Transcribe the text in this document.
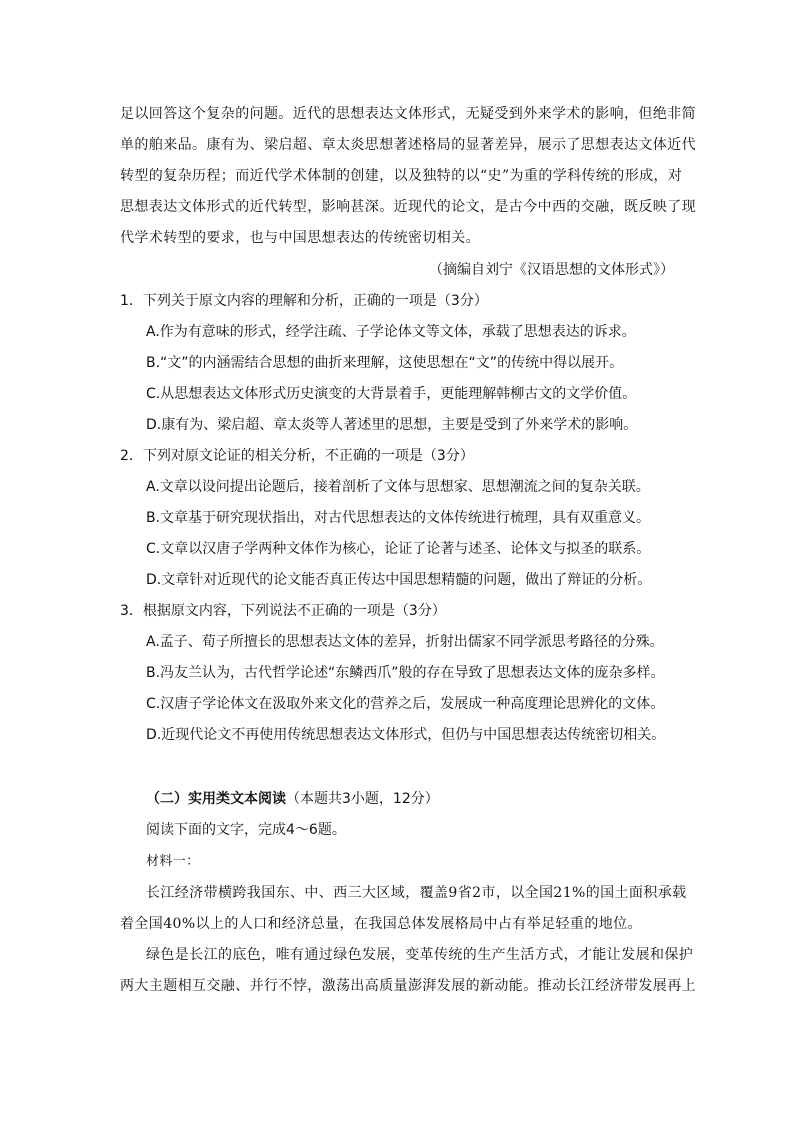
足以回答这个复杂的问题。近代的思想表达文体形式，无疑受到外来学术的影响，但绝非简
单的舶来品。康有为、梁启超、章太炎思想著述格局的显著差异，展示了思想表达文体近代
转型的复杂历程；而近代学术体制的创建，以及独特的以“史”为重的学科传统的形成，对
思想表达文体形式的近代转型，影响甚深。近现代的论文，是古今中西的交融，既反映了现
代学术转型的要求，也与中国思想表达的传统密切相关。
（摘编自刘宁《汉语思想的文体形式》）
1．下列关于原文内容的理解和分析，正确的一项是（3分）
A.作为有意味的形式，经学注疏、子学论体文等文体，承载了思想表达的诉求。
B.“文”的内涵需结合思想的曲折来理解，这使思想在“文”的传统中得以展开。
C.从思想表达文体形式历史演变的大背景着手，更能理解韩柳古文的文学价值。
D.康有为、梁启超、章太炎等人著述里的思想，主要是受到了外来学术的影响。
2．下列对原文论证的相关分析，不正确的一项是（3分）
A.文章以设问提出论题后，接着剖析了文体与思想家、思想潮流之间的复杂关联。
B.文章基于研究现状指出，对古代思想表达的文体传统进行梳理，具有双重意义。
C.文章以汉唐子学两种文体作为核心，论证了论著与述圣、论体文与拟圣的联系。
D.文章针对近现代的论文能否真正传达中国思想精髓的问题，做出了辩证的分析。
3．根据原文内容，下列说法不正确的一项是（3分）
A.孟子、荀子所擅长的思想表达文体的差异，折射出儒家不同学派思考路径的分殊。
B.冯友兰认为，古代哲学论述“东鳞西爪”般的存在导致了思想表达文体的庞杂多样。
C.汉唐子学论体文在汲取外来文化的营养之后，发展成一种高度理论思辨化的文体。
D.近现代论文不再使用传统思想表达文体形式，但仍与中国思想表达传统密切相关。
（二）实用类文本阅读（本题共3小题，12分）
阅读下面的文字，完成4～6题。
材料一：
长江经济带横跨我国东、中、西三大区域，覆盖9省2市，以全国21%的国土面积承载
着全国40%以上的人口和经济总量，在我国总体发展格局中占有举足轻重的地位。
绿色是长江的底色，唯有通过绿色发展，变革传统的生产生活方式，才能让发展和保护
两大主题相互交融、并行不悖，激荡出高质量澎湃发展的新动能。推动长江经济带发展再上
